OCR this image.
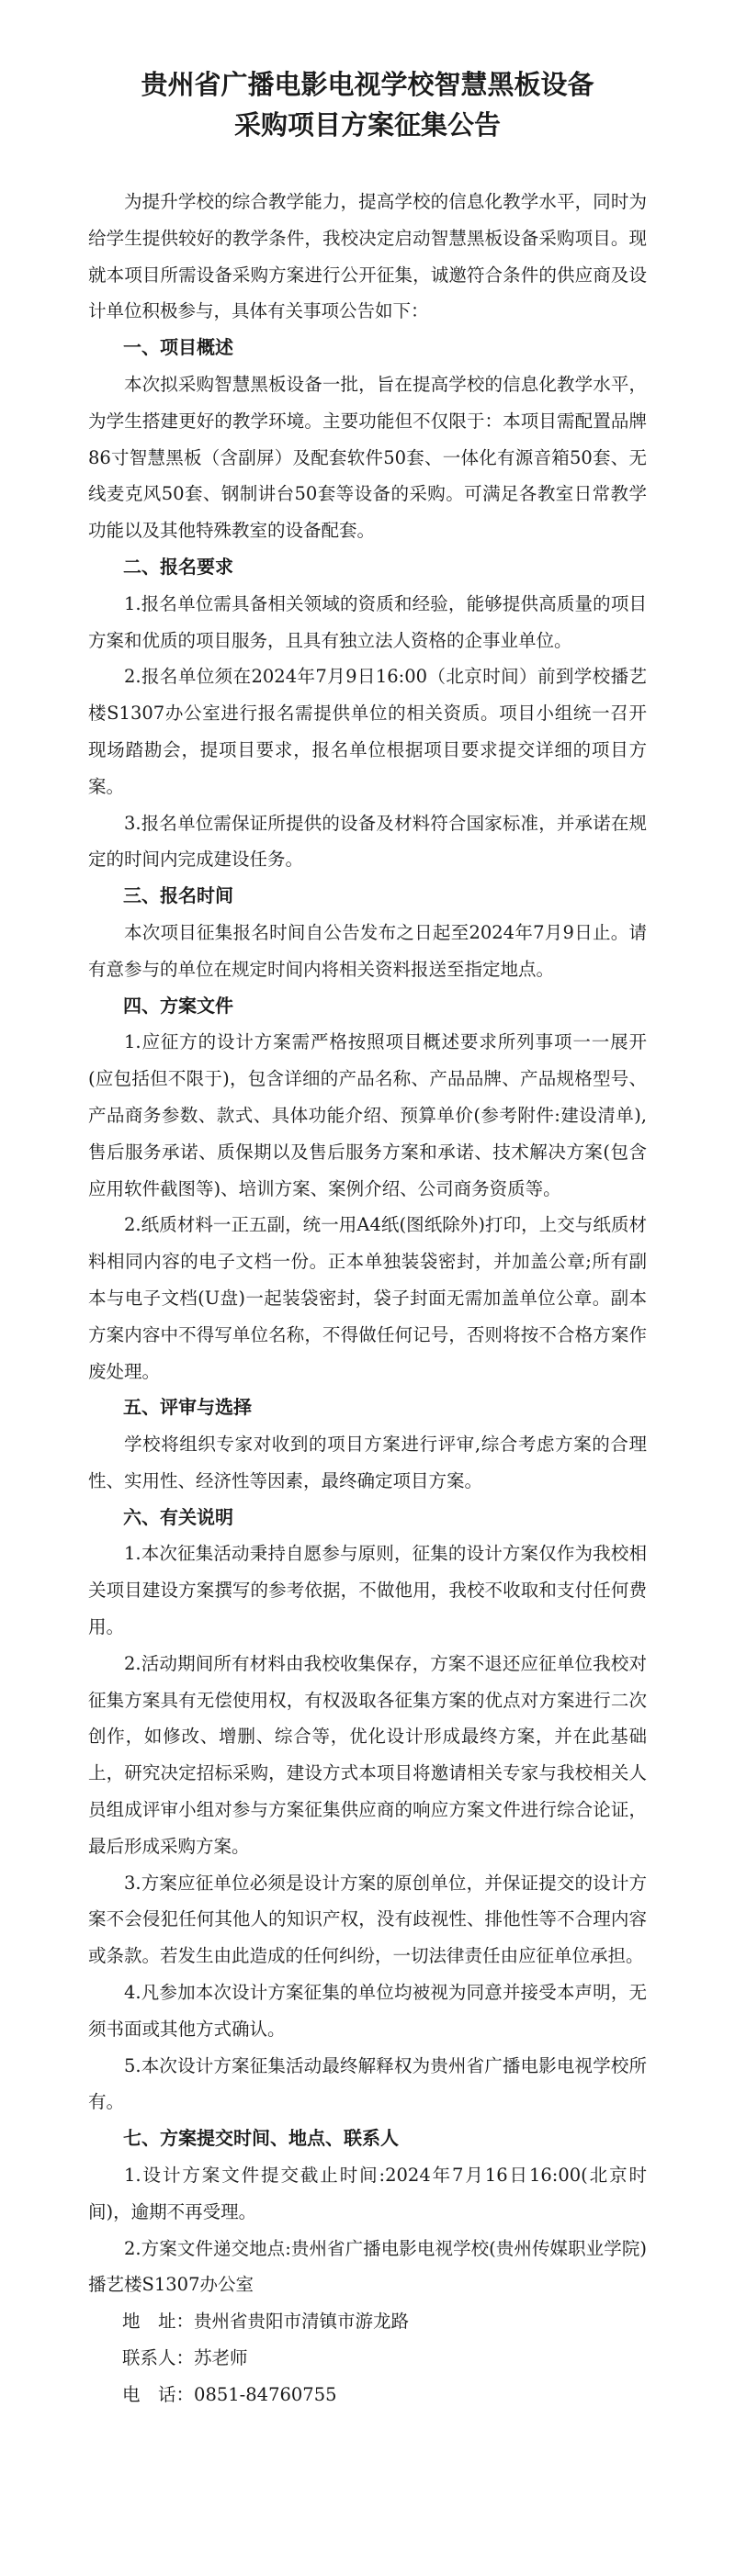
贵州省广播电影电视学校智慧黑板设备
采购项目方案征集公告

为提升学校的综合教学能力，提高学校的信息化教学水平，同时为给学生提供较好的教学条件，我校决定启动智慧黑板设备采购项目。现就本项目所需设备采购方案进行公开征集，诚邀符合条件的供应商及设计单位积极参与，具体有关事项公告如下：

一、项目概述

本次拟采购智慧黑板设备一批，旨在提高学校的信息化教学水平，为学生搭建更好的教学环境。主要功能但不仅限于：本项目需配置品牌86寸智慧黑板（含副屏）及配套软件50套、一体化有源音箱50套、无线麦克风50套、钢制讲台50套等设备的采购。可满足各教室日常教学功能以及其他特殊教室的设备配套。

二、报名要求

1.报名单位需具备相关领域的资质和经验，能够提供高质量的项目方案和优质的项目服务，且具有独立法人资格的企事业单位。

2.报名单位须在2024年7月9日16:00（北京时间）前到学校播艺楼S1307办公室进行报名需提供单位的相关资质。项目小组统一召开现场踏勘会，提项目要求，报名单位根据项目要求提交详细的项目方案。

3.报名单位需保证所提供的设备及材料符合国家标准，并承诺在规定的时间内完成建设任务。

三、报名时间

本次项目征集报名时间自公告发布之日起至2024年7月9日止。请有意参与的单位在规定时间内将相关资料报送至指定地点。

四、方案文件

1.应征方的设计方案需严格按照项目概述要求所列事项一一展开(应包括但不限于)，包含详细的产品名称、产品品牌、产品规格型号、产品商务参数、款式、具体功能介绍、预算单价(参考附件:建设清单),售后服务承诺、质保期以及售后服务方案和承诺、技术解决方案(包含应用软件截图等)、培训方案、案例介绍、公司商务资质等。

2.纸质材料一正五副，统一用A4纸(图纸除外)打印，上交与纸质材料相同内容的电子文档一份。正本单独装袋密封，并加盖公章;所有副本与电子文档(U盘)一起装袋密封，袋子封面无需加盖单位公章。副本方案内容中不得写单位名称，不得做任何记号，否则将按不合格方案作废处理。

五、评审与选择

学校将组织专家对收到的项目方案进行评审,综合考虑方案的合理性、实用性、经济性等因素，最终确定项目方案。

六、有关说明

1.本次征集活动秉持自愿参与原则，征集的设计方案仅作为我校相关项目建设方案撰写的参考依据，不做他用，我校不收取和支付任何费用。

2.活动期间所有材料由我校收集保存，方案不退还应征单位我校对征集方案具有无偿使用权，有权汲取各征集方案的优点对方案进行二次创作，如修改、增删、综合等，优化设计形成最终方案，并在此基础上，研究决定招标采购，建设方式本项目将邀请相关专家与我校相关人员组成评审小组对参与方案征集供应商的响应方案文件进行综合论证，最后形成采购方案。

3.方案应征单位必须是设计方案的原创单位，并保证提交的设计方案不会侵犯任何其他人的知识产权，没有歧视性、排他性等不合理内容或条款。若发生由此造成的任何纠纷，一切法律责任由应征单位承担。

4.凡参加本次设计方案征集的单位均被视为同意并接受本声明，无须书面或其他方式确认。

5.本次设计方案征集活动最终解释权为贵州省广播电影电视学校所有。

七、方案提交时间、地点、联系人

1.设计方案文件提交截止时间:2024年7月16日16:00(北京时间)，逾期不再受理。

2.方案文件递交地点:贵州省广播电影电视学校(贵州传媒职业学院)播艺楼S1307办公室

地　址：贵州省贵阳市清镇市游龙路

联系人：苏老师

电　话：0851-84760755
